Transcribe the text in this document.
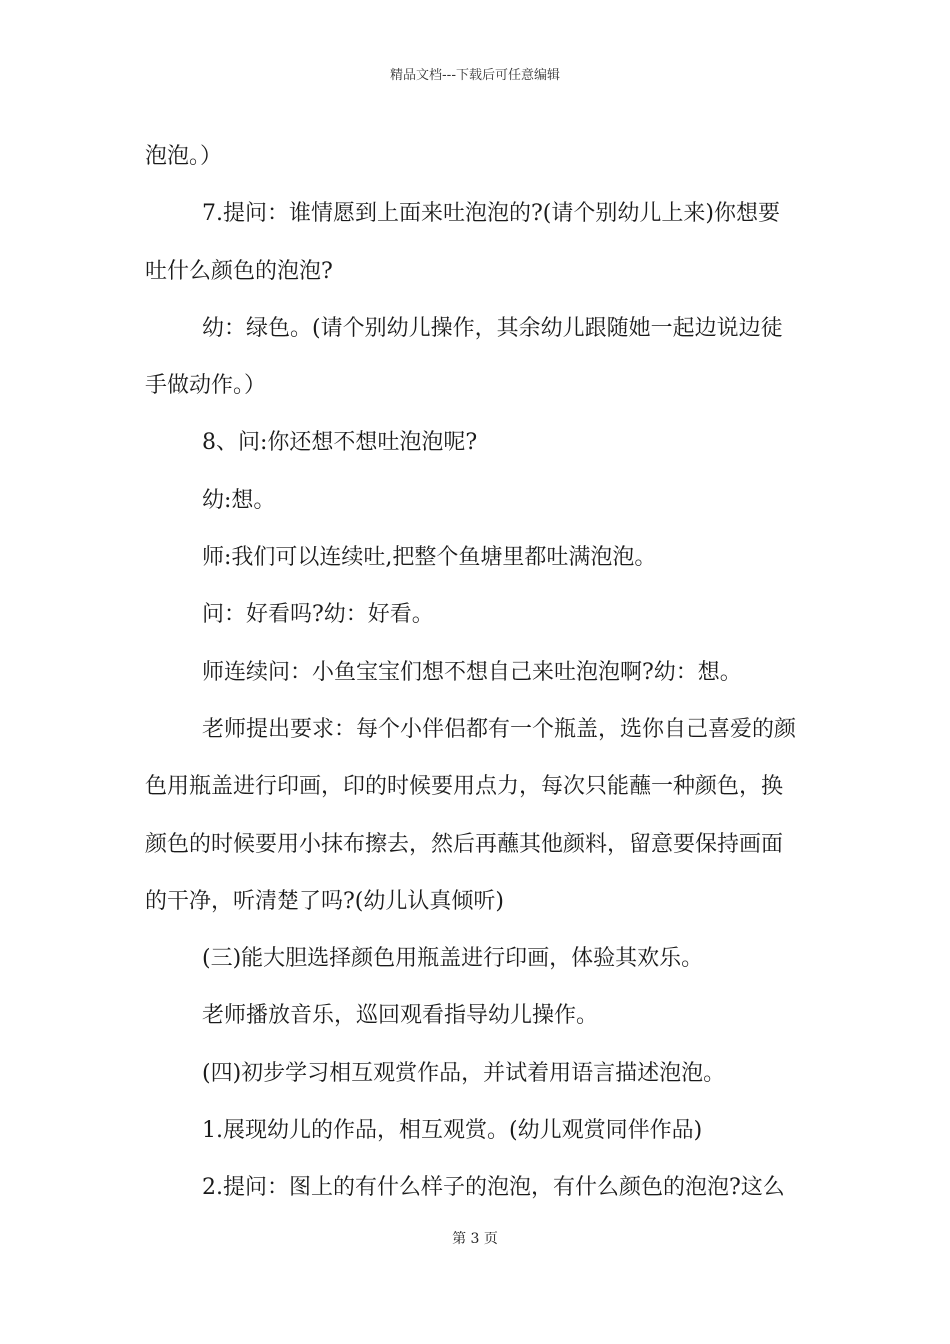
精品文档---下载后可任意编辑

泡泡。）

7.提问：谁情愿到上面来吐泡泡的?(请个别幼儿上来)你想要

吐什么颜色的泡泡?

幼：绿色。(请个别幼儿操作，其余幼儿跟随她一起边说边徒

手做动作。）

8、问:你还想不想吐泡泡呢?

幼:想。

师:我们可以连续吐,把整个鱼塘里都吐满泡泡。

问：好看吗?幼：好看。

师连续问：小鱼宝宝们想不想自己来吐泡泡啊?幼：想。

老师提出要求：每个小伴侣都有一个瓶盖，选你自己喜爱的颜

色用瓶盖进行印画，印的时候要用点力，每次只能蘸一种颜色，换

颜色的时候要用小抹布擦去，然后再蘸其他颜料，留意要保持画面

的干净，听清楚了吗?(幼儿认真倾听)

(三)能大胆选择颜色用瓶盖进行印画，体验其欢乐。

老师播放音乐，巡回观看指导幼儿操作。

(四)初步学习相互观赏作品，并试着用语言描述泡泡。

1.展现幼儿的作品，相互观赏。(幼儿观赏同伴作品)

2.提问：图上的有什么样子的泡泡，有什么颜色的泡泡?这么

第 3 页
